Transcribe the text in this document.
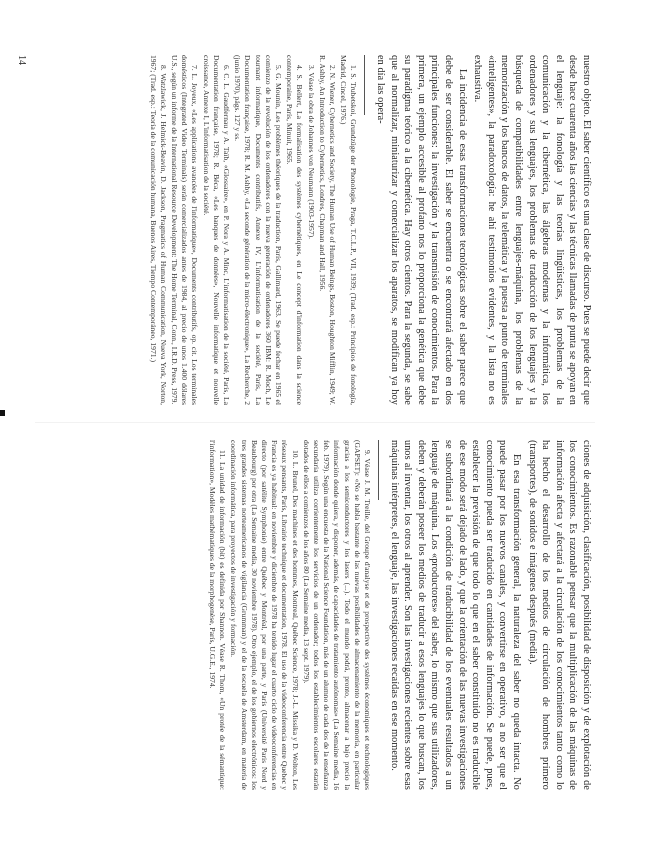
nuestro objeto. El saber científico es una clase de discurso. Pues se puede decir que desde hace cuarenta años las ciencias y las técnicas llamadas de punta se apoyan en el lenguaje: la fonología y las teorías lingüísticas, los problemas de la comunicación y la cibernética, las álgebras modernas y la informática, los ordenadores y sus lenguajes, los problemas de traducción de los lenguajes y la búsqueda de compatibilidades entre lenguajes-máquina, los problemas de la memorización y los bancos de datos, la telemática y la puesta a punto de terminales «inteligentes», la paradoxología: he ahí testimonios evidentes, y la lista no es exhaustiva.

La incidencia de esas transformaciones tecnológicas sobre el saber parece que debe de ser considerable. El saber se encuentra o se encontrará afectado en dos principales funciones: la investigación y la transmisión de conocimientos. Para la primera, un ejemplo accesible al profano nos lo proporciona la genética que debe su paradigma teórico a la cibernética. Hay otros cientos. Para la segunda, se sabe que al normalizar, miniaturizar y comercializar los aparatos, se modifican ya hoy en día las opera-

1. S. Trubetskoi, Grundzüge der Phonologie, Praga, T.C.L.P., VII, 1939; (Trad. esp.: Principios de fonología, Madrid, Cincel, 1976.)

2. N. Wiener, Cybernetics and Society, The Human Use of Human Beings, Boston, Houghton Mifflin, 1949; W. R. Ashby, An Introduction to Cybernetics, Londres, Chapman and Hall, 1956.

3. Véase la obra de Johannes von Neumann (1903-1957).

4. S. Bellert, La formalisation des systèmes cybernétiques, en Le concept d'information dans la science contemporaine, París, Minuit, 1965.

5. G. Mounin, Les problèmes théoriques de la traduction, París, Gallimard, 1963. Se puede fechar en 1965 el comienzo de la revolución de los ordenadores con la nueva generación de ordenadores 360 IBM: R. Moch, Le tournant informatique, Documents contributifs, Annexe IV, L'informatisation de la société, París, La Documentation française, 1978; R. M. Ashby, «La seconde génération de la micro-électronique», La Recherche, 2 (junio 1970), págs. 127 y ss.

6. C. L. Gaudfernau y A. Taïb, «Glossaire», en P. Nora y A. Minc, L'informatisation de la société, París, La Documentation française, 1978; R. Béca, «Les banques de données», Nouvelle informatique et nouvelle croissance, Annexe I, L'informatisation de la société.

7. L. Joyeux, «Les applications avancées de l'informatique», Documents contributifs, op. cit. Los terminales domésticos (Integrated Video Terminals) serán comercializados antes de 1984, al precio de unos 1.400 dólares U.S., según un informe de la International Resource Development: The Home Terminal, Conn., I.R.D. Press, 1979.

8. Watzlawick, J. Helmick-Beavin, D. Jackson, Pragmatics of Human Communication, Nueva York, Norton, 1967; (Trad. esp.: Teoría de la comunicación humana, Buenos Aires, Tiempo Contemporáneo, 1971.)

ciones de adquisición, clasificación, posibilidad de disposición y de explotación de los conocimientos. Es razonable pensar que la multiplicación de las máquinas de información afecta y afectará a la circulación de los conocimientos tanto como lo ha hecho el desarrollo de los medios de circulación de hombres primero (transportes), de sonidos e imágenes después (media).

En esa transformación general, la naturaleza del saber no queda intacta. No puede pasar por los nuevos canales, y convertirse en operativo, a no ser que el conocimiento pueda ser traducido en cantidades de información. Se puede, pues, establecer la previsión de que todo lo que en el saber constituido no es traducible de ese modo será dejado de lado, y que la orientación de las nuevas investigaciones se subordinará a la condición de traducibilidad de los eventuales resultados a un lenguaje de máquina. Los «productores» del saber, lo mismo que sus utilizadores, deben y deberán poseer los medios de traducir a esos lenguajes lo que buscan, los unos al inventar, los otros al aprender. Son las investigaciones recientes sobre esas máquinas intérpretes, el lenguaje, las investigaciones recaídas en ese momento.

9. Véase J. M. Treille, del Groupe d'analyse et de prospective des systèmes économiques et technologiques (GAPSET): «No se habla bastante de las nuevas posibilidades de almacenamiento de la memoria, en particular gracias a los semiconductores y los lasers (...). Todo el mundo podrá, pronto, almacenar a bajo precio la información donde quiera, y disponer, además, de capacidades de tratamiento autónomas» (La Semaine media, 16 feb. 1979). Según una encuesta de la National Science Foundation, más de un alumno de cada dos de la enseñanza secundaria utiliza corrientemente los servicios de un ordenador; todos los establecimientos escolares estarán dotados de ellos a comienzos de los años 80 (La Semaine media, 13 sept. 1979).

10. L. Brunel, Des machines et des hommes, Montreal, Québec Science, 1978; J.-L. Missika y D. Wolton, Les réseaux pensants, París, Librairie technique et documentation, 1978. El uso de la videoconferencia entre Quebec y Francia es ya habitual: en noviembre y diciembre de 1978 ha tenido lugar el cuarto ciclo de videoconferencias en directo (por satélite Symphonie) entre Québec y Montréal, por una parte, y París (Université Paris Nord y Beaubourg) por otra (La Semaine media, 30 noviembre 1978). Otro ejemplo, el de los gobiernos electrónicos: los tres grandes sistemas norteamericanos de vigilancia (Grumman) y el de la escuela de Amsterdam, en materia de coordinación informática, para proyectos de investigación y formación.

11. La unidad de información (bit) es definida por Shannon. Véase R. Thom, «Un protée de la sémantique: l'information», Modèles mathématiques de la morphogenèse, París, U.G.E., 1974.

14
